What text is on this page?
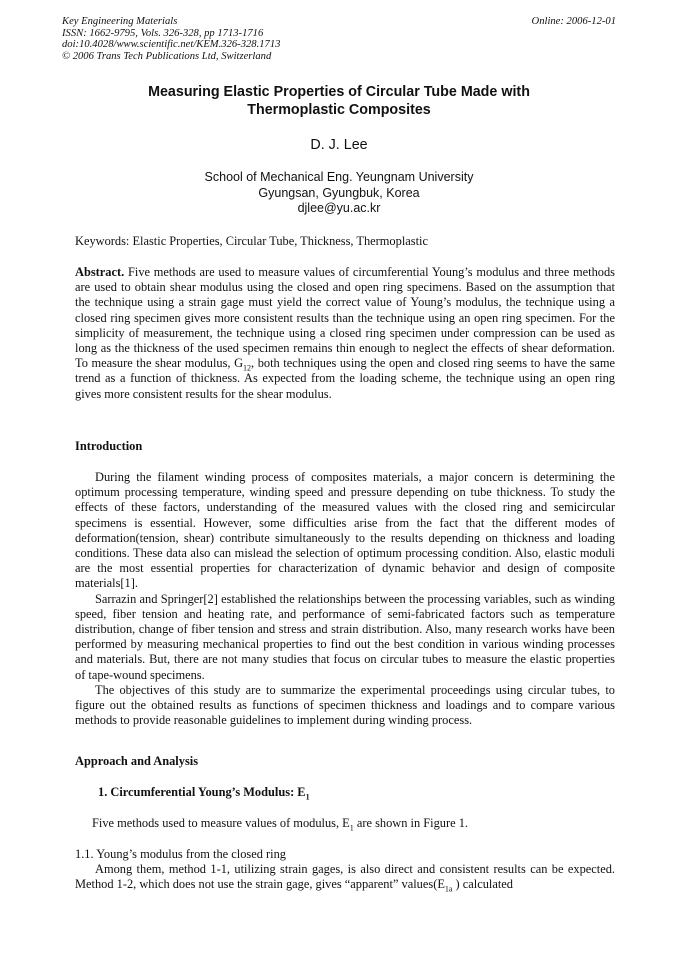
Key Engineering Materials
ISSN: 1662-9795, Vols. 326-328, pp 1713-1716
doi:10.4028/www.scientific.net/KEM.326-328.1713
© 2006 Trans Tech Publications Ltd, Switzerland
Online: 2006-12-01
Measuring Elastic Properties of Circular Tube Made with
Thermoplastic Composites
D. J. Lee
School of Mechanical Eng. Yeungnam University
Gyungsan, Gyungbuk, Korea
djlee@yu.ac.kr
Keywords: Elastic Properties, Circular Tube, Thickness, Thermoplastic

Abstract. Five methods are used to measure values of circumferential Young’s modulus and three methods are used to obtain shear modulus using the closed and open ring specimens. Based on the assumption that the technique using a strain gage must yield the correct value of Young’s modulus, the technique using a closed ring specimen gives more consistent results than the technique using an open ring specimen. For the simplicity of measurement, the technique using a closed ring specimen under compression can be used as long as the thickness of the used specimen remains thin enough to neglect the effects of shear deformation. To measure the shear modulus, $G_{12}$, both techniques using the open and closed ring seems to have the same trend as a function of thickness. As expected from the loading scheme, the technique using an open ring gives more consistent results for the shear modulus.

Introduction

During the filament winding process of composites materials, a major concern is determining the optimum processing temperature, winding speed and pressure depending on tube thickness. To study the effects of these factors, understanding of the measured values with the closed ring and semicircular specimens is essential. However, some difficulties arise from the fact that the different modes of deformation(tension, shear) contribute simultaneously to the results depending on thickness and loading conditions. These data also can mislead the selection of optimum processing condition. Also, elastic moduli are the most essential properties for characterization of dynamic behavior and design of composite materials[1].

Sarrazin and Springer[2] established the relationships between the processing variables, such as winding speed, fiber tension and heating rate, and performance of semi-fabricated factors such as temperature distribution, change of fiber tension and stress and strain distribution. Also, many research works have been performed by measuring mechanical properties to find out the best condition in various winding processes and materials. But, there are not many studies that focus on circular tubes to measure the elastic properties of tape-wound specimens.

The objectives of this study are to summarize the experimental proceedings using circular tubes, to figure out the obtained results as functions of specimen thickness and loadings and to compare various methods to provide reasonable guidelines to implement during winding process.

Approach and Analysis
1. Circumferential Young’s Modulus: $E_1$
Five methods used to measure values of modulus, $E_1$ are shown in Figure 1.
1.1. Young’s modulus from the closed ring

Among them, method 1-1, utilizing strain gages, is also direct and consistent results can be expected. Method 1-2, which does not use the strain gage, gives “apparent” $values(E_{1a}$ ) calculated
